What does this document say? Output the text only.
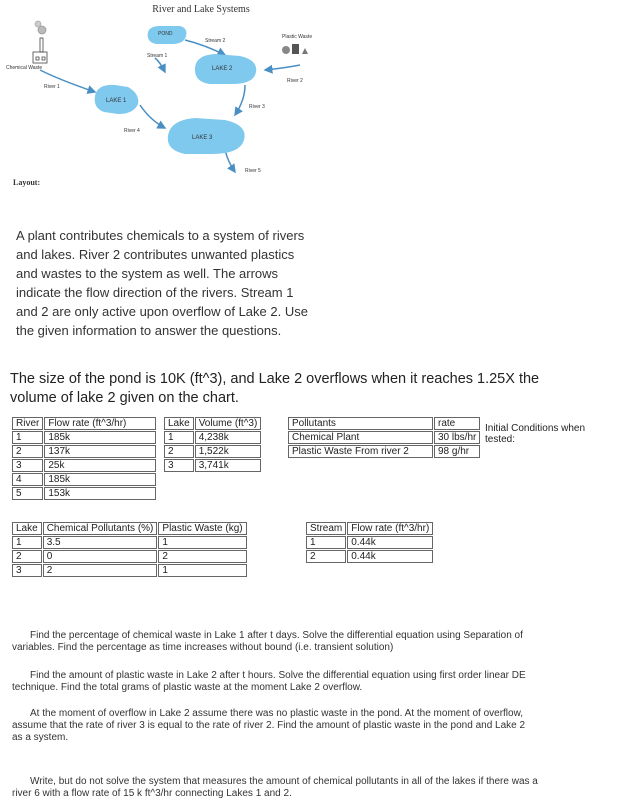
River and Lake Systems
POND
Stream 2
Stream 1
LAKE 2
Plastic Waste
River 2
Chemical Waste
River 1
LAKE 1
River 3
River 4
LAKE 3
River 5
Layout:
A plant contributes chemicals to a system of rivers
and lakes. River 2 contributes unwanted plastics
and wastes to the system as well. The arrows
indicate the flow direction of the rivers. Stream 1
and 2 are only active upon overflow of Lake 2. Use
the given information to answer the questions.
The size of the pond is 10K (ft^3), and Lake 2 overflows when it reaches 1.25X the
volume of lake 2 given on the chart.
River	Flow rate (ft^3/hr)
1	185k
2	137k
3	25k
4	185k
5	153k
Lake	Volume (ft^3)
1	4,238k
2	1,522k
3	3,741k
Pollutants	rate
Chemical Plant	30 lbs/hr
Plastic Waste From river 2	98 g/hr
Initial Conditions when
tested:
Lake	Chemical Pollutants (%)	Plastic Waste (kg)
1	3.5	1
2	0	2
3	2	1
Stream	Flow rate (ft^3/hr)
1	0.44k
2	0.44k
Find the percentage of chemical waste in Lake 1 after t days. Solve the differential equation using Separation of
variables. Find the percentage as time increases without bound (i.e. transient solution)
Find the amount of plastic waste in Lake 2 after t hours. Solve the differential equation using first order linear DE
technique. Find the total grams of plastic waste at the moment Lake 2 overflow.
At the moment of overflow in Lake 2 assume there was no plastic waste in the pond. At the moment of overflow,
assume that the rate of river 3 is equal to the rate of river 2. Find the amount of plastic waste in the pond and Lake 2
as a system.
Write, but do not solve the system that measures the amount of chemical pollutants in all of the lakes if there was a
river 6 with a flow rate of 15 k ft^3/hr connecting Lakes 1 and 2.
